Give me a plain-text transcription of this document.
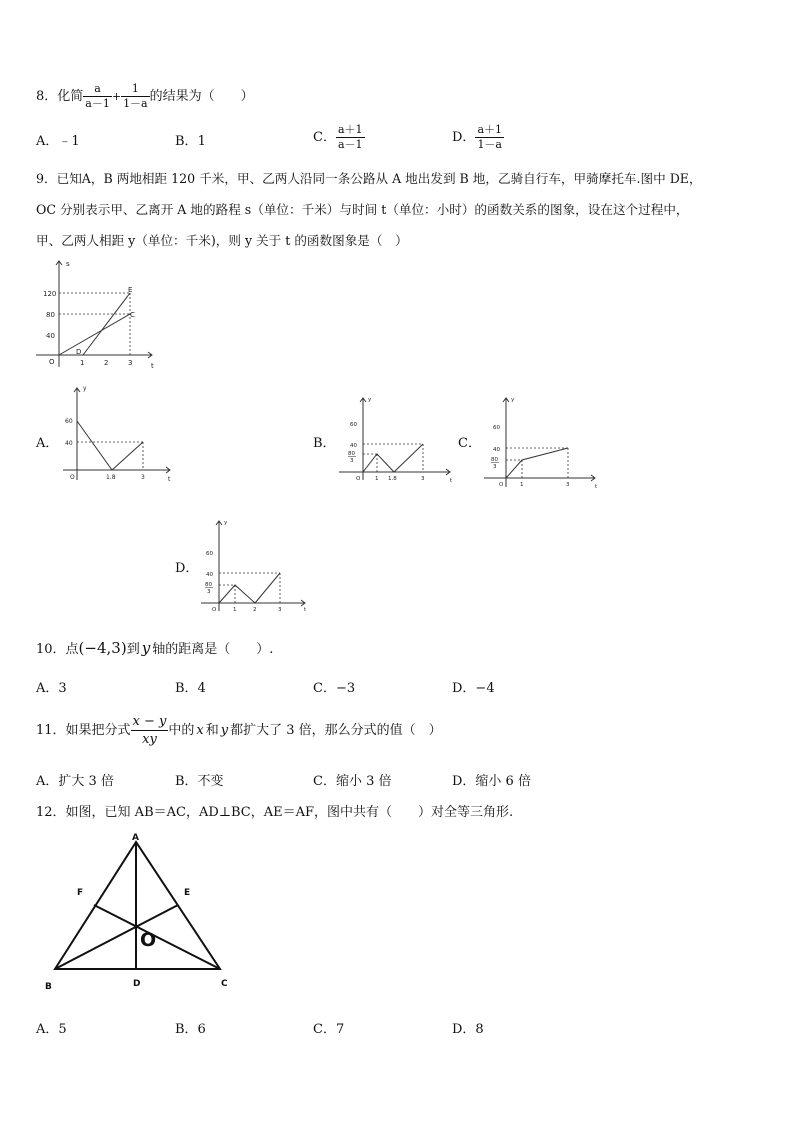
8．化简 $\frac{a}{a-1} + \frac{1}{1-a}$ 的结果为（　　）
A．﹣1	B．1	C． $\frac{a+1}{a-1}$	D． $\frac{a+1}{1-a}$
9．已知A，B 两地相距 120 千米，甲、乙两人沿同一条公路从 A 地出发到 B 地，乙骑自行车，甲骑摩托车.图中 DE，
OC 分别表示甲、乙离开 A 地的路程 s（单位：千米）与时间 t（单位：小时）的函数关系的图象，设在这个过程中，
甲、乙两人相距 y（单位：千米)，则 y 关于 t 的函数图象是（　）
s
t
O
120
80
40
1	2	3
D
E
C
A．
y
t
O
60
40
1.8	3
B．
y
t
O
60
40
80
3
1 1.8	3
C．
y
t
O
60
40
80
3
1	3
D．
y
t
O
60
40
80
3
1	2	3
10．点(−4,3)到 y 轴的距离是（　　）.
A．3	B．4	C．−3	D．−4
11．如果把分式 $\frac{x - y}{xy}$ 中的 x 和 y 都扩大了 3 倍，那么分式的值（　）
A．扩大 3 倍	B．不变	C．缩小 3 倍	D．缩小 6 倍
12．如图，已知 AB＝AC，AD⊥BC，AE＝AF，图中共有（　　）对全等三角形.
A
B	C
D
E
F
O
A．5	B．6	C．7	D．8
